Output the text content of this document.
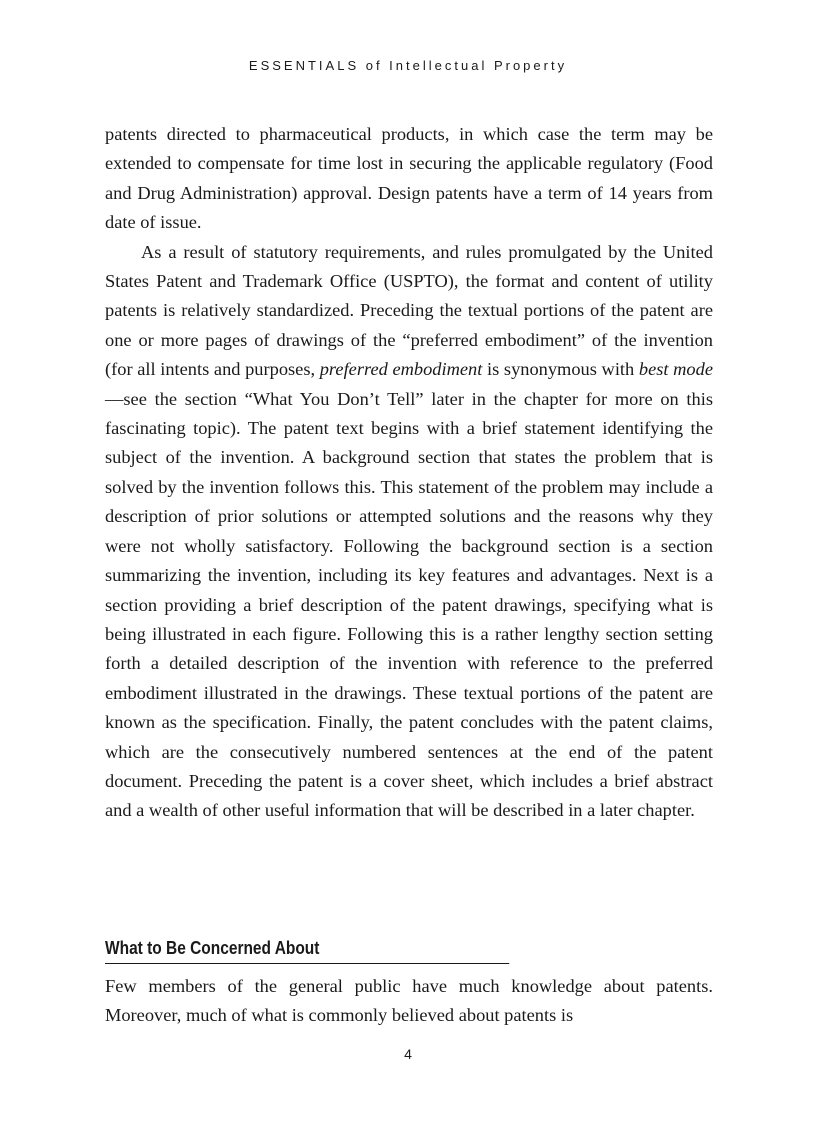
ESSENTIALS of Intellectual Property

patents directed to pharmaceutical products, in which case the term may be extended to compensate for time lost in securing the applicable regulatory (Food and Drug Administration) approval. Design patents have a term of 14 years from date of issue.

As a result of statutory requirements, and rules promulgated by the United States Patent and Trademark Office (USPTO), the format and content of utility patents is relatively standardized. Preceding the textual portions of the patent are one or more pages of drawings of the “preferred embodiment” of the invention (for all intents and purposes, preferred embodiment is synonymous with best mode—see the section “What You Don’t Tell” later in the chapter for more on this fascinating topic). The patent text begins with a brief statement identifying the subject of the invention. A background section that states the problem that is solved by the invention follows this. This statement of the problem may include a description of prior solutions or attempted solutions and the reasons why they were not wholly satisfactory. Following the background section is a section summarizing the invention, including its key features and advantages. Next is a section providing a brief description of the patent drawings, specifying what is being illustrated in each figure. Following this is a rather lengthy section setting forth a detailed description of the invention with reference to the preferred embodiment illustrated in the drawings. These textual portions of the patent are known as the specification. Finally, the patent concludes with the patent claims, which are the consecutively numbered sentences at the end of the patent document. Preceding the patent is a cover sheet, which includes a brief abstract and a wealth of other useful information that will be described in a later chapter.

What to Be Concerned About

Few members of the general public have much knowledge about patents. Moreover, much of what is commonly believed about patents is

4
